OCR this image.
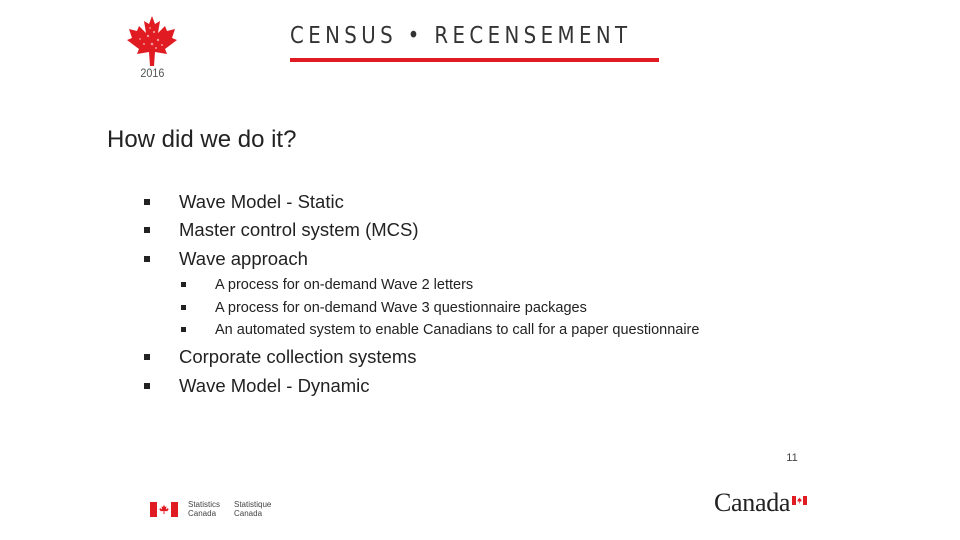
2016
CENSUS • RECENSEMENT
How did we do it?
Wave Model - Static
Master control system (MCS)
Wave approach
A process for on-demand Wave 2 letters
A process for on-demand Wave 3 questionnaire packages
An automated system to enable Canadians to call for a paper questionnaire
Corporate collection systems
Wave Model - Dynamic
11
Statistics
Canada
Statistique
Canada	Canada
